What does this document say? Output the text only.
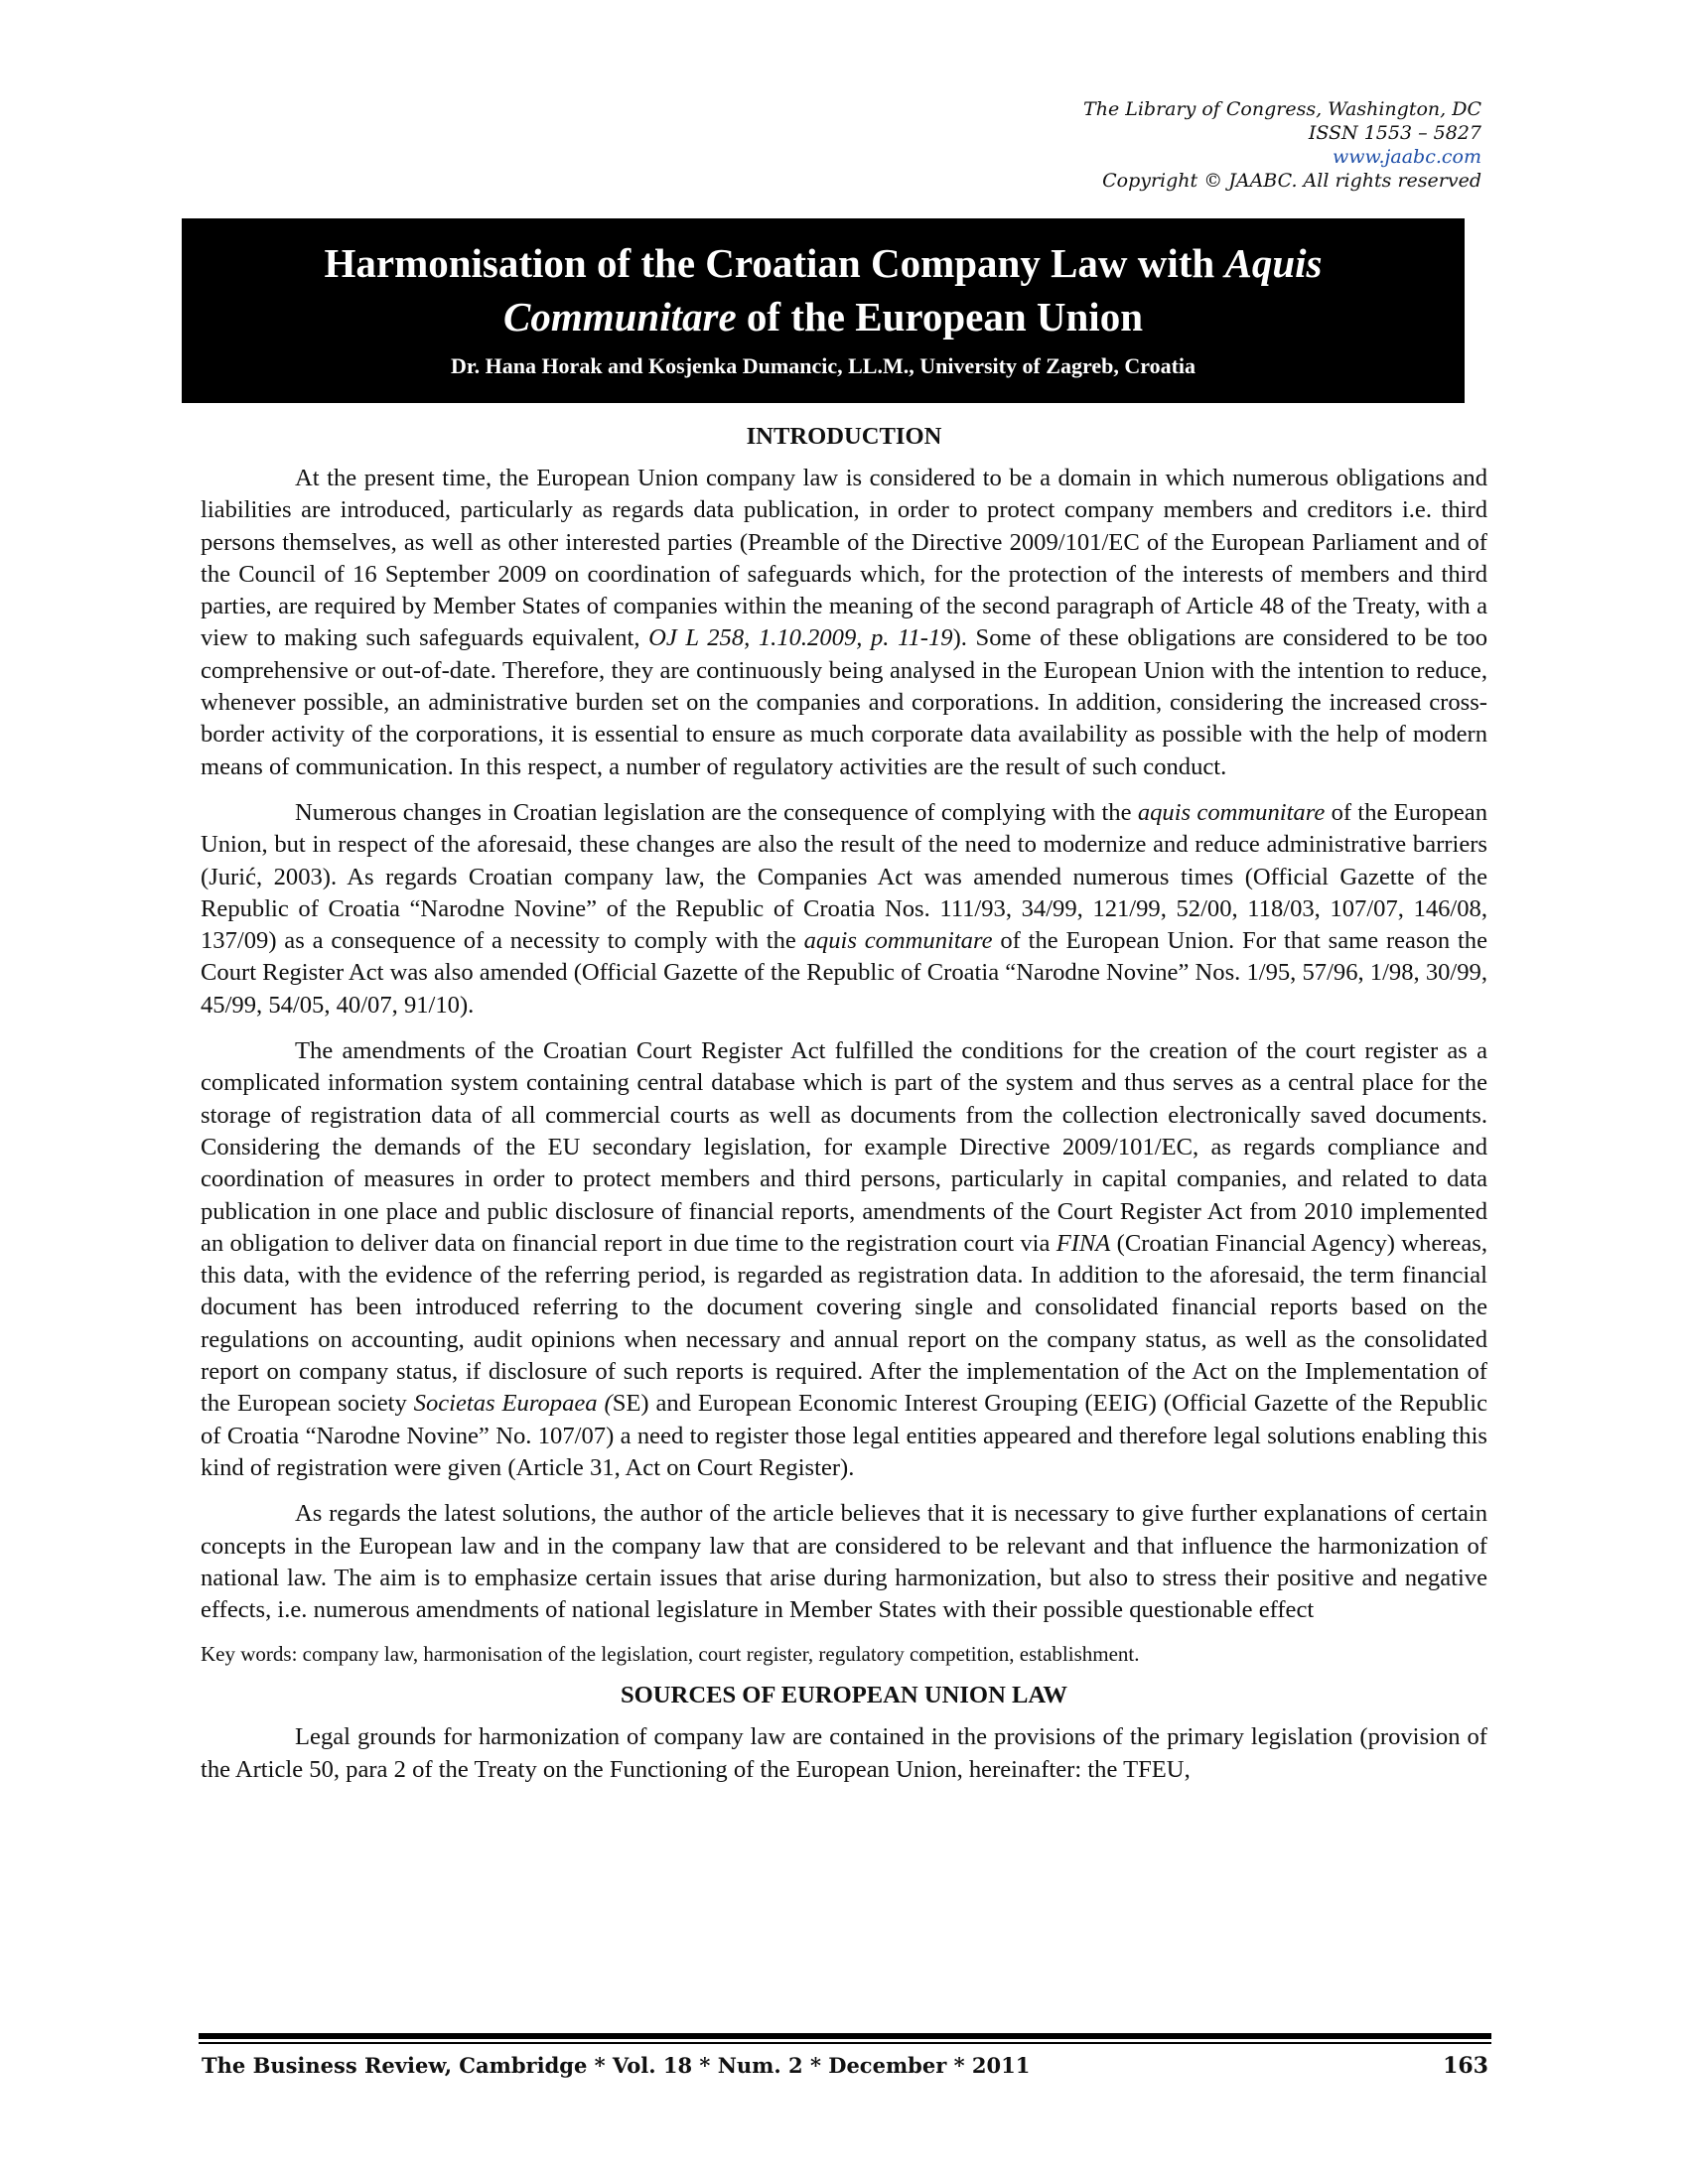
The Library of Congress, Washington, DC
ISSN 1553 – 5827
www.jaabc.com
Copyright © JAABC. All rights reserved
Harmonisation of the Croatian Company Law with Aquis
Communitare of the European Union
Dr. Hana Horak and Kosjenka Dumancic, LL.M., University of Zagreb, Croatia
INTRODUCTION

At the present time, the European Union company law is considered to be a domain in which numerous obligations and liabilities are introduced, particularly as regards data publication, in order to protect company members and creditors i.e. third persons themselves, as well as other interested parties (Preamble of the Directive 2009/101/EC of the European Parliament and of the Council of 16 September 2009 on coordination of safeguards which, for the protection of the interests of members and third parties, are required by Member States of companies within the meaning of the second paragraph of Article 48 of the Treaty, with a view to making such safeguards equivalent, OJ L 258, 1.10.2009, p. 11-19). Some of these obligations are considered to be too comprehensive or out-of-date. Therefore, they are continuously being analysed in the European Union with the intention to reduce, whenever possible, an administrative burden set on the companies and corporations. In addition, considering the increased cross-border activity of the corporations, it is essential to ensure as much corporate data availability as possible with the help of modern means of communication. In this respect, a number of regulatory activities are the result of such conduct.

Numerous changes in Croatian legislation are the consequence of complying with the aquis communitare of the European Union, but in respect of the aforesaid, these changes are also the result of the need to modernize and reduce administrative barriers (Jurić, 2003). As regards Croatian company law, the Companies Act was amended numerous times (Official Gazette of the Republic of Croatia “Narodne Novine” of the Republic of Croatia Nos. 111/93, 34/99, 121/99, 52/00, 118/03, 107/07, 146/08, 137/09) as a consequence of a necessity to comply with the aquis communitare of the European Union. For that same reason the Court Register Act was also amended (Official Gazette of the Republic of Croatia “Narodne Novine” Nos. 1/95, 57/96, 1/98, 30/99, 45/99, 54/05, 40/07, 91/10).

The amendments of the Croatian Court Register Act fulfilled the conditions for the creation of the court register as a complicated information system containing central database which is part of the system and thus serves as a central place for the storage of registration data of all commercial courts as well as documents from the collection electronically saved documents. Considering the demands of the EU secondary legislation, for example Directive 2009/101/EC, as regards compliance and coordination of measures in order to protect members and third persons, particularly in capital companies, and related to data publication in one place and public disclosure of financial reports, amendments of the Court Register Act from 2010 implemented an obligation to deliver data on financial report in due time to the registration court via FINA (Croatian Financial Agency) whereas, this data, with the evidence of the referring period, is regarded as registration data. In addition to the aforesaid, the term financial document has been introduced referring to the document covering single and consolidated financial reports based on the regulations on accounting, audit opinions when necessary and annual report on the company status, as well as the consolidated report on company status, if disclosure of such reports is required. After the implementation of the Act on the Implementation of the European society Societas Europaea (SE) and European Economic Interest Grouping (EEIG) (Official Gazette of the Republic of Croatia “Narodne Novine” No. 107/07) a need to register those legal entities appeared and therefore legal solutions enabling this kind of registration were given (Article 31, Act on Court Register).

As regards the latest solutions, the author of the article believes that it is necessary to give further explanations of certain concepts in the European law and in the company law that are considered to be relevant and that influence the harmonization of national law. The aim is to emphasize certain issues that arise during harmonization, but also to stress their positive and negative effects, i.e. numerous amendments of national legislature in Member States with their possible questionable effect

Key words: company law, harmonisation of the legislation, court register, regulatory competition, establishment.

SOURCES OF EUROPEAN UNION LAW

Legal grounds for harmonization of company law are contained in the provisions of the primary legislation (provision of the Article 50, para 2 of the Treaty on the Functioning of the European Union, hereinafter: the TFEU,

The Business Review, Cambridge * Vol. 18 * Num. 2 * December * 2011	163
